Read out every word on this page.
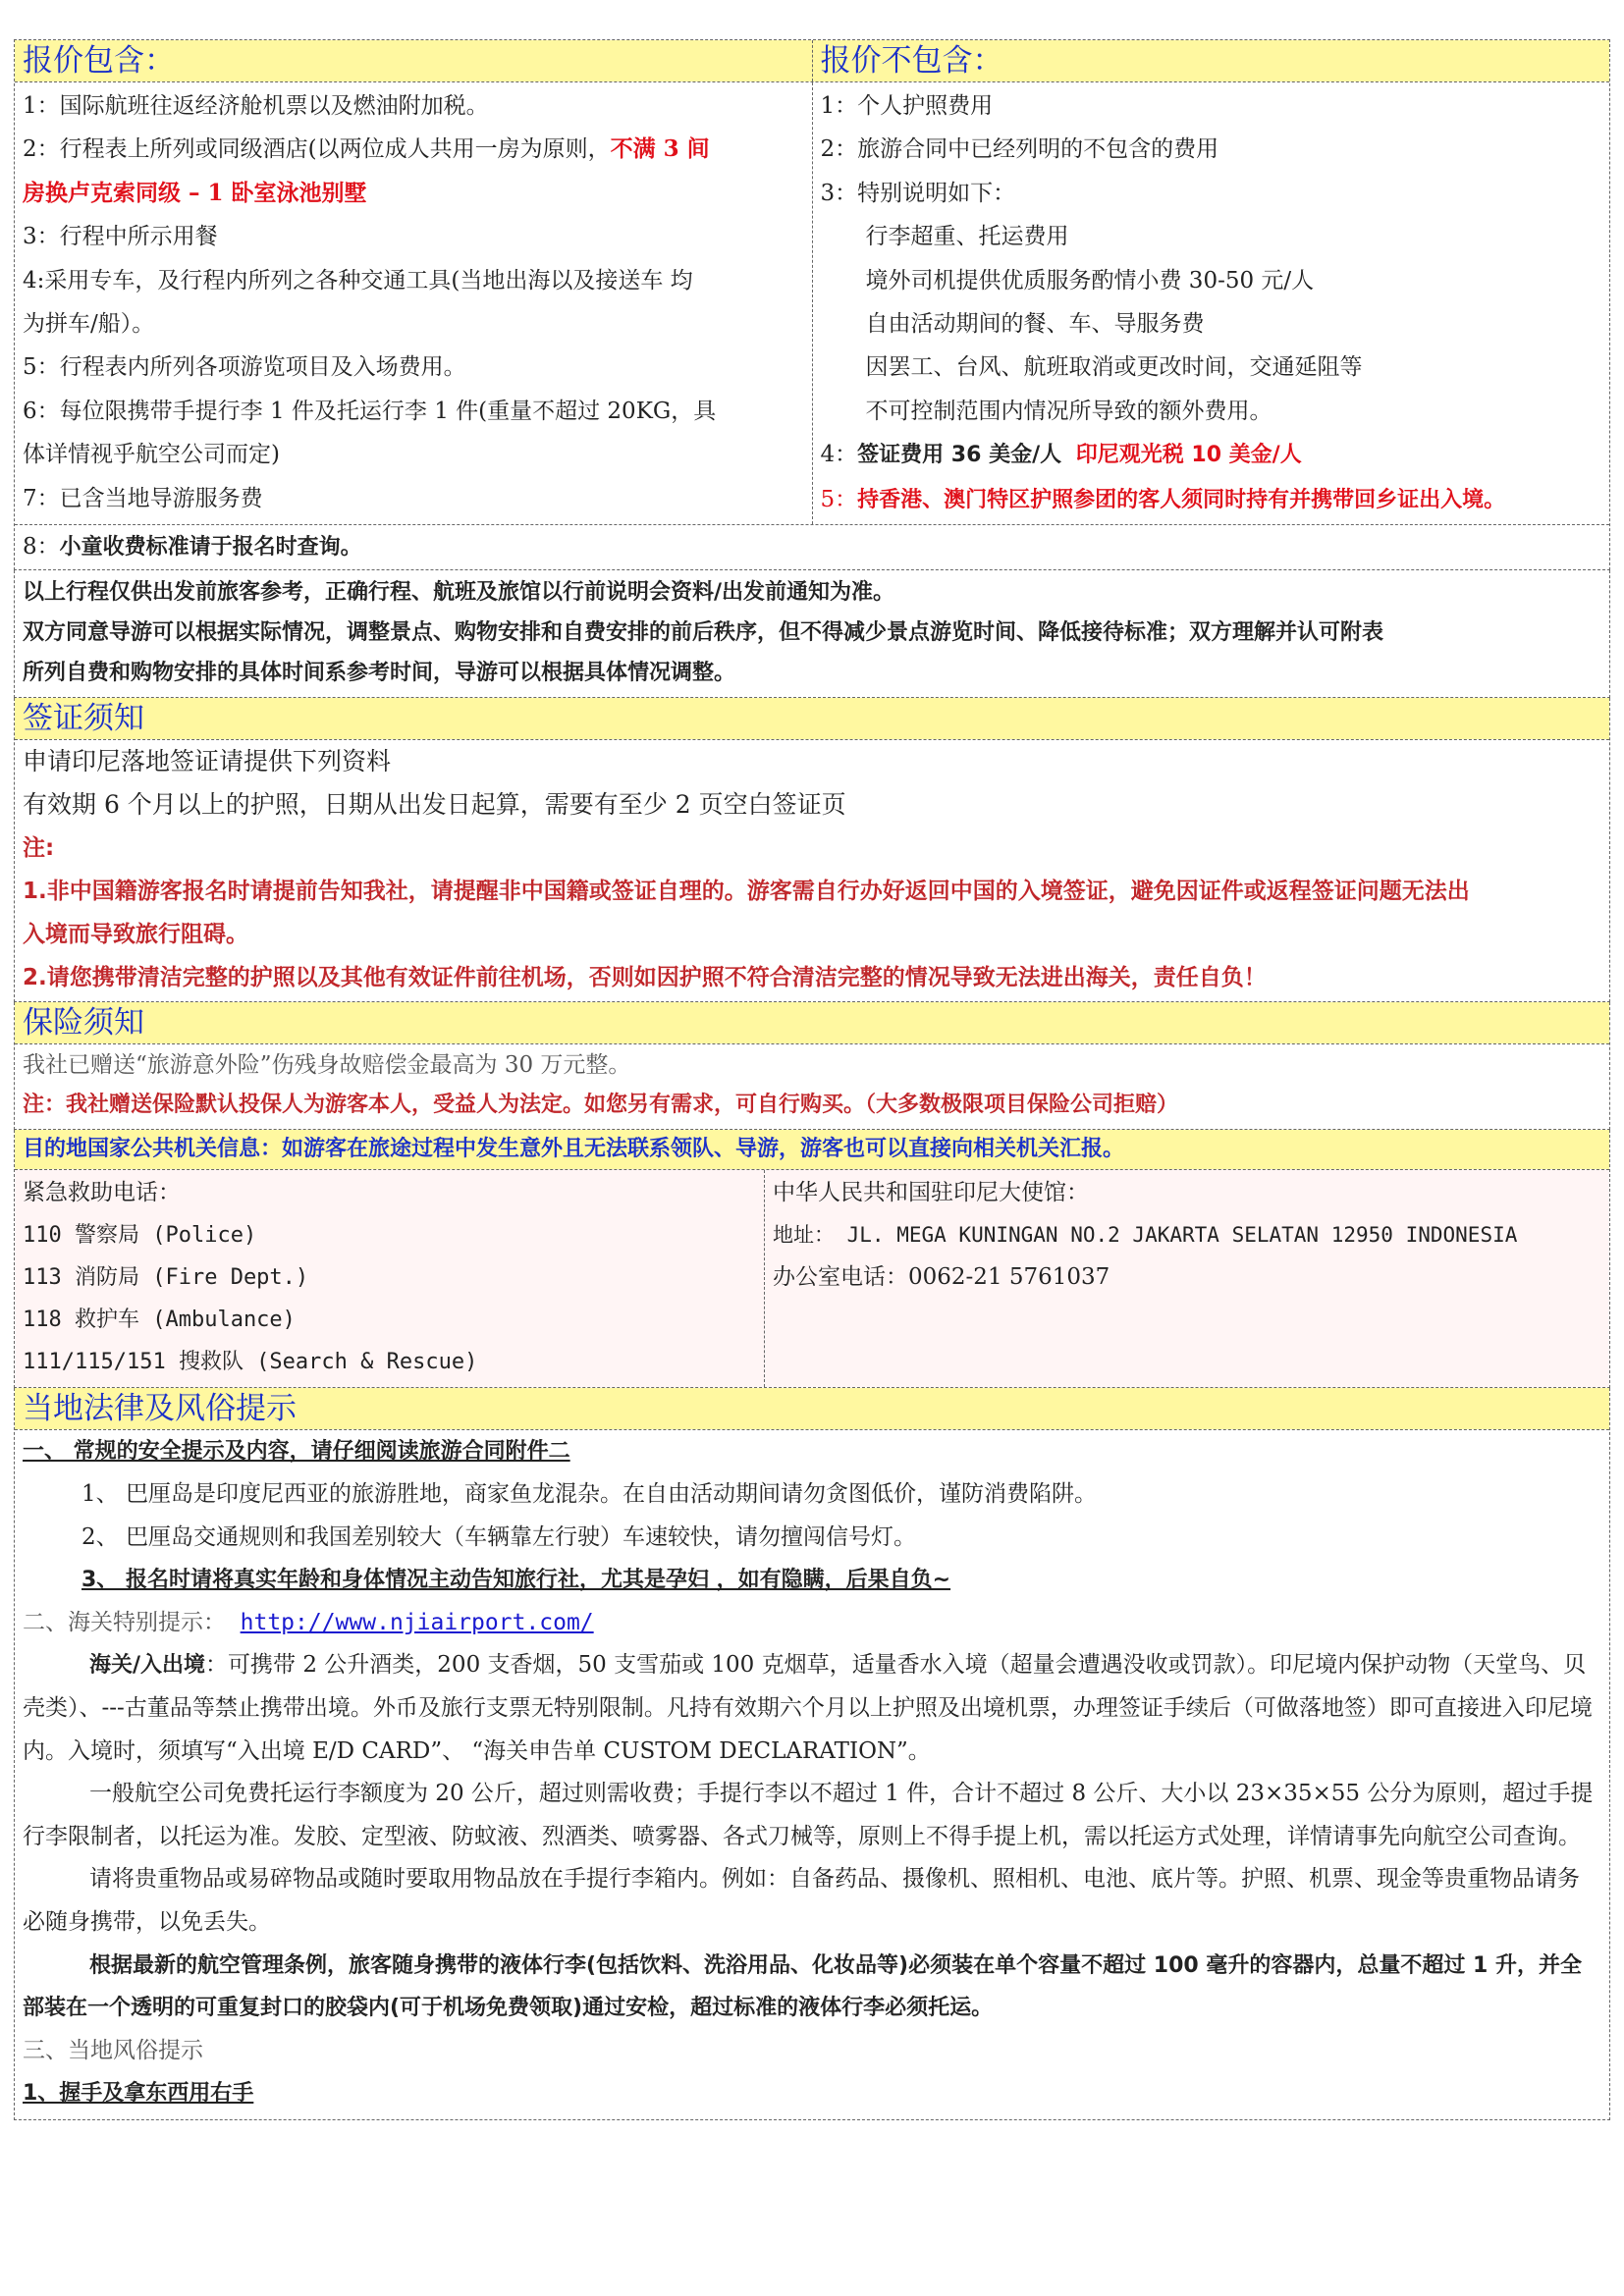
报价包含：	报价不包含：

1：国际航班往返经济舱机票以及燃油附加税。

2：行程表上所列或同级酒店(以两位成人共用一房为原则，不满 3 间

房换卢克索同级 – 1 卧室泳池别墅

3：行程中所示用餐

4:采用专车，及行程内所列之各种交通工具(当地出海以及接送车 均

为拼车/船）。

5：行程表内所列各项游览项目及入场费用。

6：每位限携带手提行李 1 件及托运行李 1 件(重量不超过 20KG，具

体详情视乎航空公司而定)

7：已含当地导游服务费

1：个人护照费用

2：旅游合同中已经列明的不包含的费用

3：特别说明如下：

行李超重、托运费用

境外司机提供优质服务酌情小费 30-50 元/人

自由活动期间的餐、车、导服务费

因罢工、台风、航班取消或更改时间，交通延阻等

不可控制范围内情况所导致的额外费用。

4：签证费用 36 美金/人 印尼观光税 10 美金/人

5：持香港、澳门特区护照参团的客人须同时持有并携带回乡证出入境。

8：小童收费标准请于报名时查询。

以上行程仅供出发前旅客参考，正确行程、航班及旅馆以行前说明会资料/出发前通知为准。

双方同意导游可以根据实际情况，调整景点、购物安排和自费安排的前后秩序，但不得减少景点游览时间、降低接待标准；双方理解并认可附表

所列自费和购物安排的具体时间系参考时间，导游可以根据具体情况调整。

签证须知

申请印尼落地签证请提供下列资料

有效期 6 个月以上的护照，日期从出发日起算，需要有至少 2 页空白签证页

注:

1.非中国籍游客报名时请提前告知我社，请提醒非中国籍或签证自理的。游客需自行办好返回中国的入境签证，避免因证件或返程签证问题无法出

入境而导致旅行阻碍。

2.请您携带清洁完整的护照以及其他有效证件前往机场，否则如因护照不符合清洁完整的情况导致无法进出海关，责任自负！

保险须知

我社已赠送“旅游意外险”伤残身故赔偿金最高为 30 万元整。

注：我社赠送保险默认投保人为游客本人，受益人为法定。如您另有需求，可自行购买。（大多数极限项目保险公司拒赔）

目的地国家公共机关信息：如游客在旅途过程中发生意外且无法联系领队、导游，游客也可以直接向相关机关汇报。

紧急救助电话：

110 警察局 (Police)

113 消防局 (Fire Dept.)

118 救护车 (Ambulance)

111/115/151 搜救队 (Search & Rescue)

中华人民共和国驻印尼大使馆：

地址： JL. MEGA KUNINGAN NO.2 JAKARTA SELATAN 12950 INDONESIA

办公室电话：0062-21 5761037

当地法律及风俗提示

一、 常规的安全提示及内容，请仔细阅读旅游合同附件二

1、 巴厘岛是印度尼西亚的旅游胜地，商家鱼龙混杂。在自由活动期间请勿贪图低价，谨防消费陷阱。

2、 巴厘岛交通规则和我国差别较大（车辆靠左行驶）车速较快，请勿擅闯信号灯。

3、 报名时请将真实年龄和身体情况主动告知旅行社，尤其是孕妇 ，如有隐瞒，后果自负~

二、海关特别提示： http://www.njiairport.com/

海关/入出境：可携带 2 公升酒类，200 支香烟，50 支雪茄或 100 克烟草，适量香水入境（超量会遭遇没收或罚款）。印尼境内保护动物（天堂鸟、贝壳类）、---古董品等禁止携带出境。外币及旅行支票无特别限制。凡持有效期六个月以上护照及出境机票，办理签证手续后（可做落地签）即可直接进入印尼境内。入境时，须填写“入出境 E/D CARD”、 “海关申告单 CUSTOM DECLARATION”。

一般航空公司免费托运行李额度为 20 公斤，超过则需收费；手提行李以不超过 1 件，合计不超过 8 公斤、大小以 23×35×55 公分为原则，超过手提行李限制者，以托运为准。发胶、定型液、防蚊液、烈酒类、喷雾器、各式刀械等，原则上不得手提上机，需以托运方式处理，详情请事先向航空公司查询。

请将贵重物品或易碎物品或随时要取用物品放在手提行李箱内。例如：自备药品、摄像机、照相机、电池、底片等。护照、机票、现金等贵重物品请务必随身携带，以免丢失。

根据最新的航空管理条例，旅客随身携带的液体行李(包括饮料、洗浴用品、化妆品等)必须装在单个容量不超过 100 毫升的容器内，总量不超过 1 升，并全部装在一个透明的可重复封口的胶袋内(可于机场免费领取)通过安检，超过标准的液体行李必须托运。

三、当地风俗提示

1、握手及拿东西用右手
